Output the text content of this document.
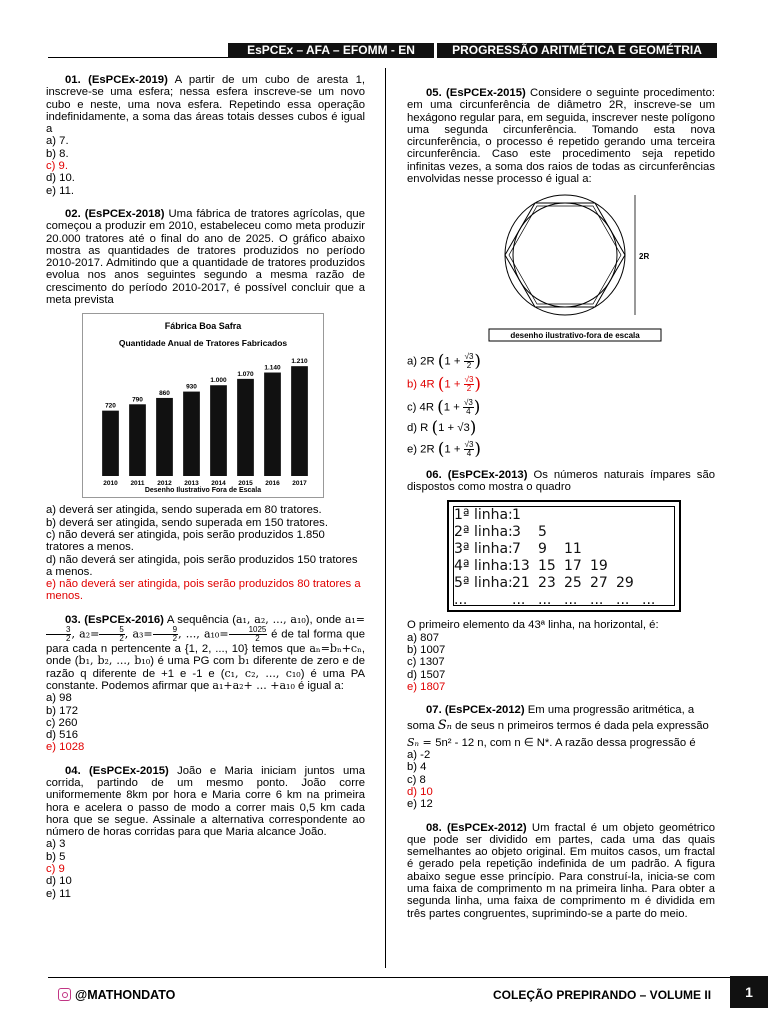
EsPCEx – AFA – EFOMM - EN	PROGRESSÃO ARITMÉTICA E GEOMÉTRIA
01. (EsPCEx-2019) A partir de um cubo de aresta 1, inscreve-se uma esfera; nessa esfera inscreve-se um novo cubo e neste, uma nova esfera. Repetindo essa operação indefinidamente, a soma das áreas totais desses cubos é igual a
a) 7.
b) 8.
c) 9.
d) 10.
e) 11.
02. (EsPCEx-2018) Uma fábrica de tratores agrícolas, que começou a produzir em 2010, estabeleceu como meta produzir 20.000 tratores até o final do ano de 2025. O gráfico abaixo mostra as quantidades de tratores produzidos no período 2010-2017. Admitindo que a quantidade de tratores produzidos evolua nos anos seguintes segundo a mesma razão de crescimento do período 2010-2017, é possível concluir que a meta prevista
Fábrica Boa Safra
Quantidade Anual de Tratores Fabricados
Desenho Ilustrativo Fora de Escala
720
2010
790
2011
860
2012
930
2013
1.000
2014
1.070
2015
1.140
2016
1.210
2017
a) deverá ser atingida, sendo superada em 80 tratores.
b) deverá ser atingida, sendo superada em 150 tratores.
c) não deverá ser atingida, pois serão produzidos 1.850 tratores a menos.
d) não deverá ser atingida, pois serão produzidos 150 tratores a menos.
e) não deverá ser atingida, pois serão produzidos 80 tratores a menos.
03. (EsPCEx-2016) A sequência (a₁, a₂, ..., a₁₀), onde a₁=
$\frac{3}{2}$ , $a_2= \frac{5}{2}$ , $a_3= \frac{9}{2}$ , ..., $a_{10}= \frac{1025}{2}$ é de tal forma que para cada n pertencente a {1, 2, ..., 10} temos que aₙ=bₙ+cₙ, onde (b₁, b₂, ..., b₁₀) é uma PG com b₁ diferente de zero e de razão q diferente de +1 e -1 e (c₁, c₂, ..., c₁₀) é uma PA constante. Podemos afirmar que a₁+a₂+ ... +a₁₀ é igual a:
a) 98
b) 172
c) 260
d) 516
e) 1028
04. (EsPCEx-2015) João e Maria iniciam juntos uma corrida, partindo de um mesmo ponto. João corre uniformemente 8km por hora e Maria corre 6 km na primeira hora e acelera o passo de modo a correr mais 0,5 km cada hora que se segue. Assinale a alternativa correspondente ao número de horas corridas para que Maria alcance João.
a) 3
b) 5
c) 9
d) 10
e) 11
05. (EsPCEx-2015) Considere o seguinte procedimento: em uma circunferência de diâmetro 2R, inscreve-se um hexágono regular para, em seguida, inscrever neste polígono uma segunda circunferência. Tomando esta nova circunferência, o processo é repetido gerando uma terceira circunferência. Caso este procedimento seja repetido infinitas vezes, a soma dos raios de todas as circunferências envolvidas nesse processo é igual a:
2R
desenho ilustrativo-fora de escala
a) 2R ($1 + \frac{√3}{2}$ )
b) 4R ($1 + \frac{√3}{2}$ )
c) 4R ($1 + \frac{√3}{4}$ )
d) R (1 + √3)
e) 2R ($1 + \frac{√3}{4}$ )
06. (EsPCEx-2013) Os números naturais ímpares são dispostos como mostra o quadro
1ª linha:1
2ª linha:3 5
3ª linha:7 9 11
4ª linha:13 15 17 19
5ª linha:21 23 25 27 29
...	... ... ... ... ... ...
O primeiro elemento da 43ª linha, na horizontal, é:
a) 807
b) 1007
c) 1307
d) 1507
e) 1807
07. (EsPCEx-2012) Em uma progressão aritmética, a
soma Sₙ de seus n primeiros termos é dada pela expressão
Sₙ = 5n² - 12 n, com n ∈ N*. A razão dessa progressão é
a) -2
b) 4
c) 8
d) 10
e) 12
08. (EsPCEx-2012) Um fractal é um objeto geométrico que pode ser dividido em partes, cada uma das quais semelhantes ao objeto original. Em muitos casos, um fractal é gerado pela repetição indefinida de um padrão. A figura abaixo segue esse princípio. Para construí-la, inicia-se com uma faixa de comprimento m na primeira linha. Para obter a segunda linha, uma faixa de comprimento m é dividida em três partes congruentes, suprimindo-se a parte do meio.
@MATHONDATO	COLEÇÃO PREPIRANDO – VOLUME II	1
